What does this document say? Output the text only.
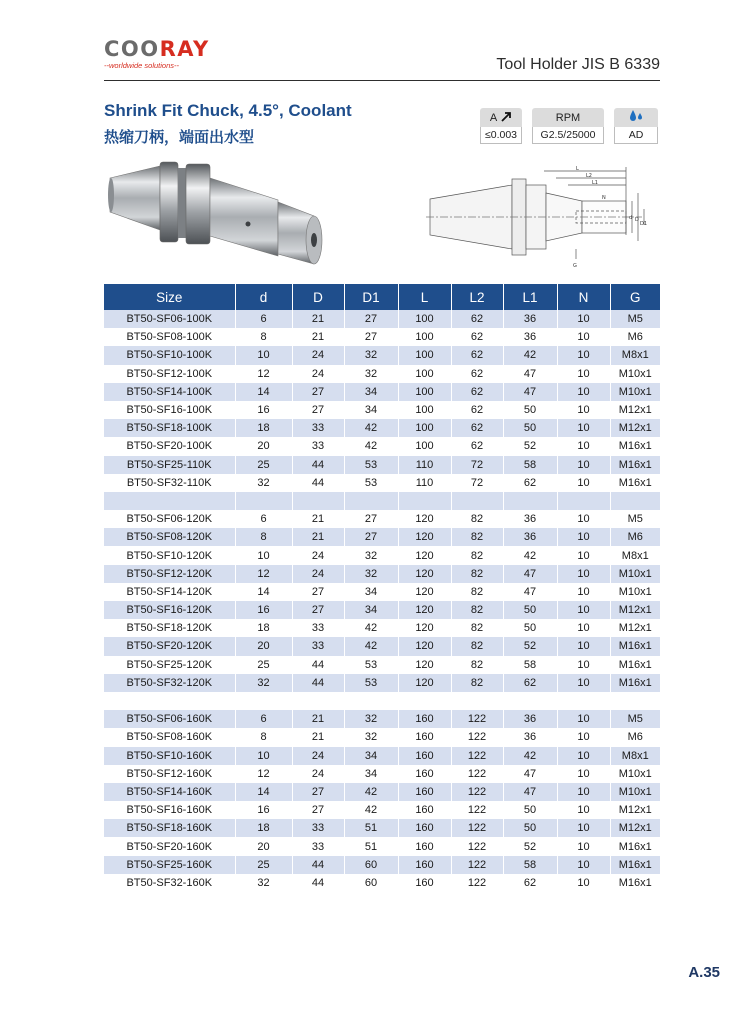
COORAY
--worldwide solutions--	Tool Holder JIS B 6339
Shrink Fit Chuck, 4.5°, Coolant
热缩刀柄，端面出水型
A
≤0.003
RPM
G2.5/25000	AD
L
L2
L1
N
d D
D1
G
Size	d	D	D1	L	L2	L1	N	G
BT50-SF06-100K	6	21	27	100	62	36	10	M5
BT50-SF08-100K	8	21	27	100	62	36	10	M6
BT50-SF10-100K	10	24	32	100	62	42	10	M8x1
BT50-SF12-100K	12	24	32	100	62	47	10	M10x1
BT50-SF14-100K	14	27	34	100	62	47	10	M10x1
BT50-SF16-100K	16	27	34	100	62	50	10	M12x1
BT50-SF18-100K	18	33	42	100	62	50	10	M12x1
BT50-SF20-100K	20	33	42	100	62	52	10	M16x1
BT50-SF25-110K	25	44	53	110	72	58	10	M16x1
BT50-SF32-110K	32	44	53	110	72	62	10	M16x1

BT50-SF06-120K	6	21	27	120	82	36	10	M5
BT50-SF08-120K	8	21	27	120	82	36	10	M6
BT50-SF10-120K	10	24	32	120	82	42	10	M8x1
BT50-SF12-120K	12	24	32	120	82	47	10	M10x1
BT50-SF14-120K	14	27	34	120	82	47	10	M10x1
BT50-SF16-120K	16	27	34	120	82	50	10	M12x1
BT50-SF18-120K	18	33	42	120	82	50	10	M12x1
BT50-SF20-120K	20	33	42	120	82	52	10	M16x1
BT50-SF25-120K	25	44	53	120	82	58	10	M16x1
BT50-SF32-120K	32	44	53	120	82	62	10	M16x1

BT50-SF06-160K	6	21	32	160	122	36	10	M5
BT50-SF08-160K	8	21	32	160	122	36	10	M6
BT50-SF10-160K	10	24	34	160	122	42	10	M8x1
BT50-SF12-160K	12	24	34	160	122	47	10	M10x1
BT50-SF14-160K	14	27	42	160	122	47	10	M10x1
BT50-SF16-160K	16	27	42	160	122	50	10	M12x1
BT50-SF18-160K	18	33	51	160	122	50	10	M12x1
BT50-SF20-160K	20	33	51	160	122	52	10	M16x1
BT50-SF25-160K	25	44	60	160	122	58	10	M16x1
BT50-SF32-160K	32	44	60	160	122	62	10	M16x1
A.35
